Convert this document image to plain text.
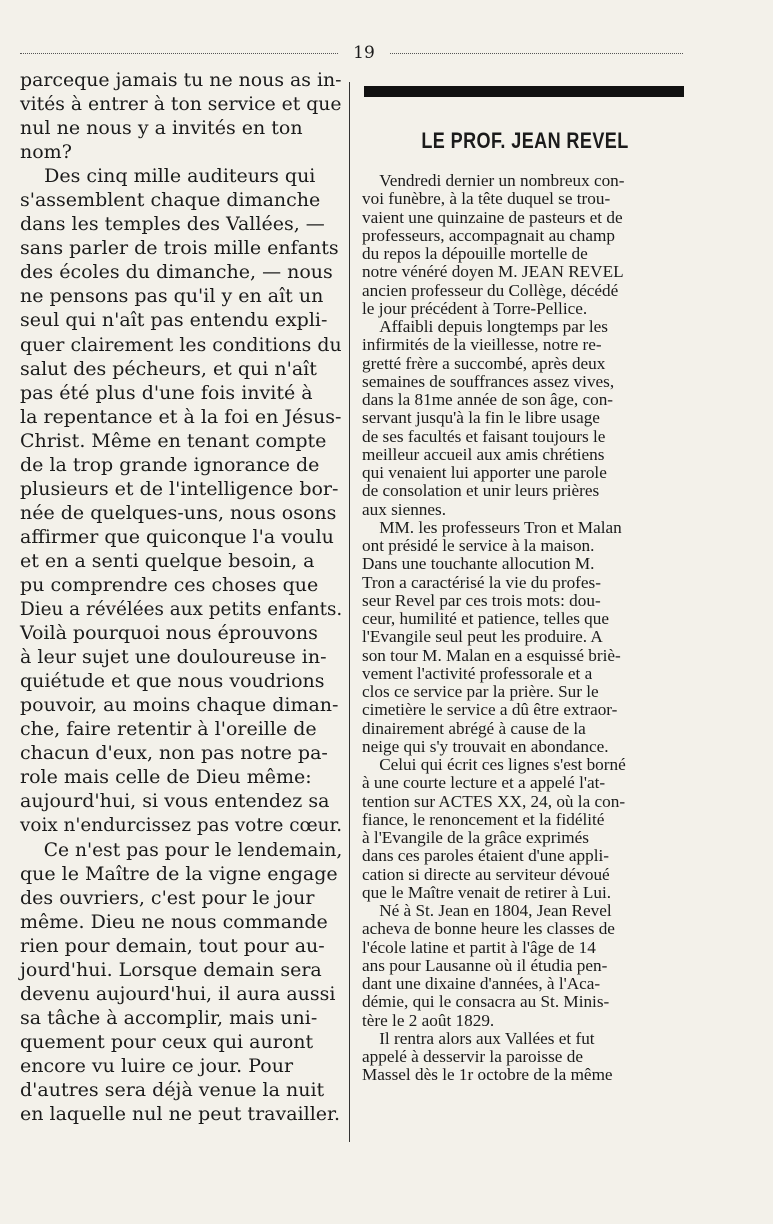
19
parceque jamais tu ne nous as in-
vités à entrer à ton service et que
nul ne nous y a invités en ton
nom?
Des cinq mille auditeurs qui
s'assemblent chaque dimanche
dans les temples des Vallées, —
sans parler de trois mille enfants
des écoles du dimanche, — nous
ne pensons pas qu'il y en aît un
seul qui n'aît pas entendu expli-
quer clairement les conditions du
salut des pécheurs, et qui n'aît
pas été plus d'une fois invité à
la repentance et à la foi en Jésus-
Christ. Même en tenant compte
de la trop grande ignorance de
plusieurs et de l'intelligence bor-
née de quelques-uns, nous osons
affirmer que quiconque l'a voulu
et en a senti quelque besoin, a
pu comprendre ces choses que
Dieu a révélées aux petits enfants.
Voilà pourquoi nous éprouvons
à leur sujet une douloureuse in-
quiétude et que nous voudrions
pouvoir, au moins chaque diman-
che, faire retentir à l'oreille de
chacun d'eux, non pas notre pa-
role mais celle de Dieu même:
aujourd'hui, si vous entendez sa
voix n'endurcissez pas votre cœur.
Ce n'est pas pour le lendemain,
que le Maître de la vigne engage
des ouvriers, c'est pour le jour
même. Dieu ne nous commande
rien pour demain, tout pour au-
jourd'hui. Lorsque demain sera
devenu aujourd'hui, il aura aussi
sa tâche à accomplir, mais uni-
quement pour ceux qui auront
encore vu luire ce jour. Pour
d'autres sera déjà venue la nuit
en laquelle nul ne peut travailler.
LE PROF. JEAN REVEL
Vendredi dernier un nombreux con-
voi funèbre, à la tête duquel se trou-
vaient une quinzaine de pasteurs et de
professeurs, accompagnait au champ
du repos la dépouille mortelle de
notre vénéré doyen M. JEAN REVEL
ancien professeur du Collège, décédé
le jour précédent à Torre-Pellice.
Affaibli depuis longtemps par les
infirmités de la vieillesse, notre re-
gretté frère a succombé, après deux
semaines de souffrances assez vives,
dans la 81me année de son âge, con-
servant jusqu'à la fin le libre usage
de ses facultés et faisant toujours le
meilleur accueil aux amis chrétiens
qui venaient lui apporter une parole
de consolation et unir leurs prières
aux siennes.
MM. les professeurs Tron et Malan
ont présidé le service à la maison.
Dans une touchante allocution M.
Tron a caractérisé la vie du profes-
seur Revel par ces trois mots: dou-
ceur, humilité et patience, telles que
l'Evangile seul peut les produire. A
son tour M. Malan en a esquissé briè-
vement l'activité professorale et a
clos ce service par la prière. Sur le
cimetière le service a dû être extraor-
dinairement abrégé à cause de la
neige qui s'y trouvait en abondance.
Celui qui écrit ces lignes s'est borné
à une courte lecture et a appelé l'at-
tention sur ACTES XX, 24, où la con-
fiance, le renoncement et la fidélité
à l'Evangile de la grâce exprimés
dans ces paroles étaient d'une appli-
cation si directe au serviteur dévoué
que le Maître venait de retirer à Lui.
Né à St. Jean en 1804, Jean Revel
acheva de bonne heure les classes de
l'école latine et partit à l'âge de 14
ans pour Lausanne où il étudia pen-
dant une dixaine d'années, à l'Aca-
démie, qui le consacra au St. Minis-
tère le 2 août 1829.
Il rentra alors aux Vallées et fut
appelé à desservir la paroisse de
Massel dès le 1r octobre de la même
